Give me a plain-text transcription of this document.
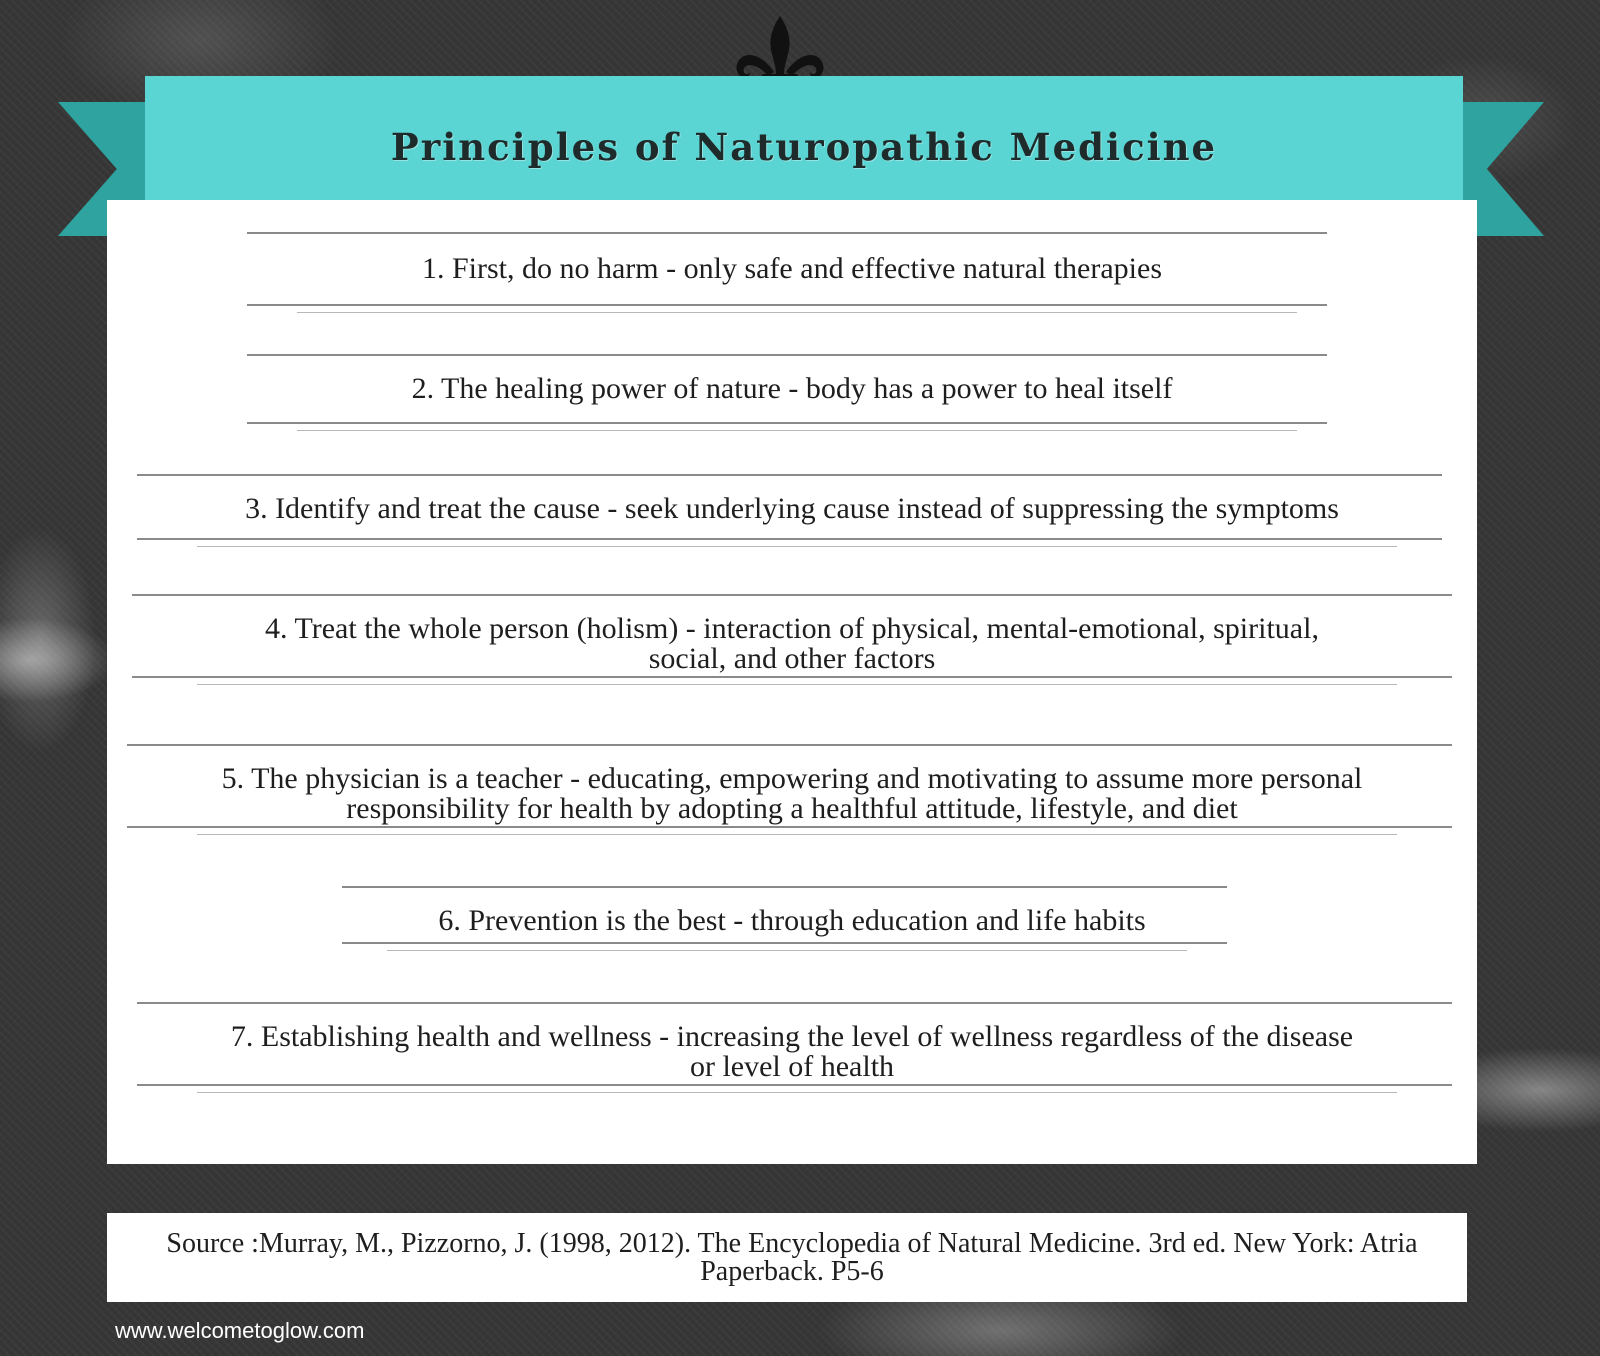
Principles of Naturopathic Medicine
1. First, do no harm - only safe and effective natural therapies
2. The healing power of nature - body has a power to heal itself
3. Identify and treat the cause - seek underlying cause instead of suppressing the symptoms
4. Treat the whole person (holism) - interaction of physical, mental-emotional, spiritual, social, and other factors
5. The physician is a teacher - educating, empowering and motivating to assume more personal responsibility for health by adopting a healthful attitude, lifestyle, and diet
6. Prevention is the best - through education and life habits
7. Establishing health and wellness - increasing the level of wellness regardless of the disease or level of health
Source :Murray, M., Pizzorno, J. (1998, 2012). The Encyclopedia of Natural Medicine. 3rd ed. New York: Atria Paperback. P5-6
www.welcometoglow.com
